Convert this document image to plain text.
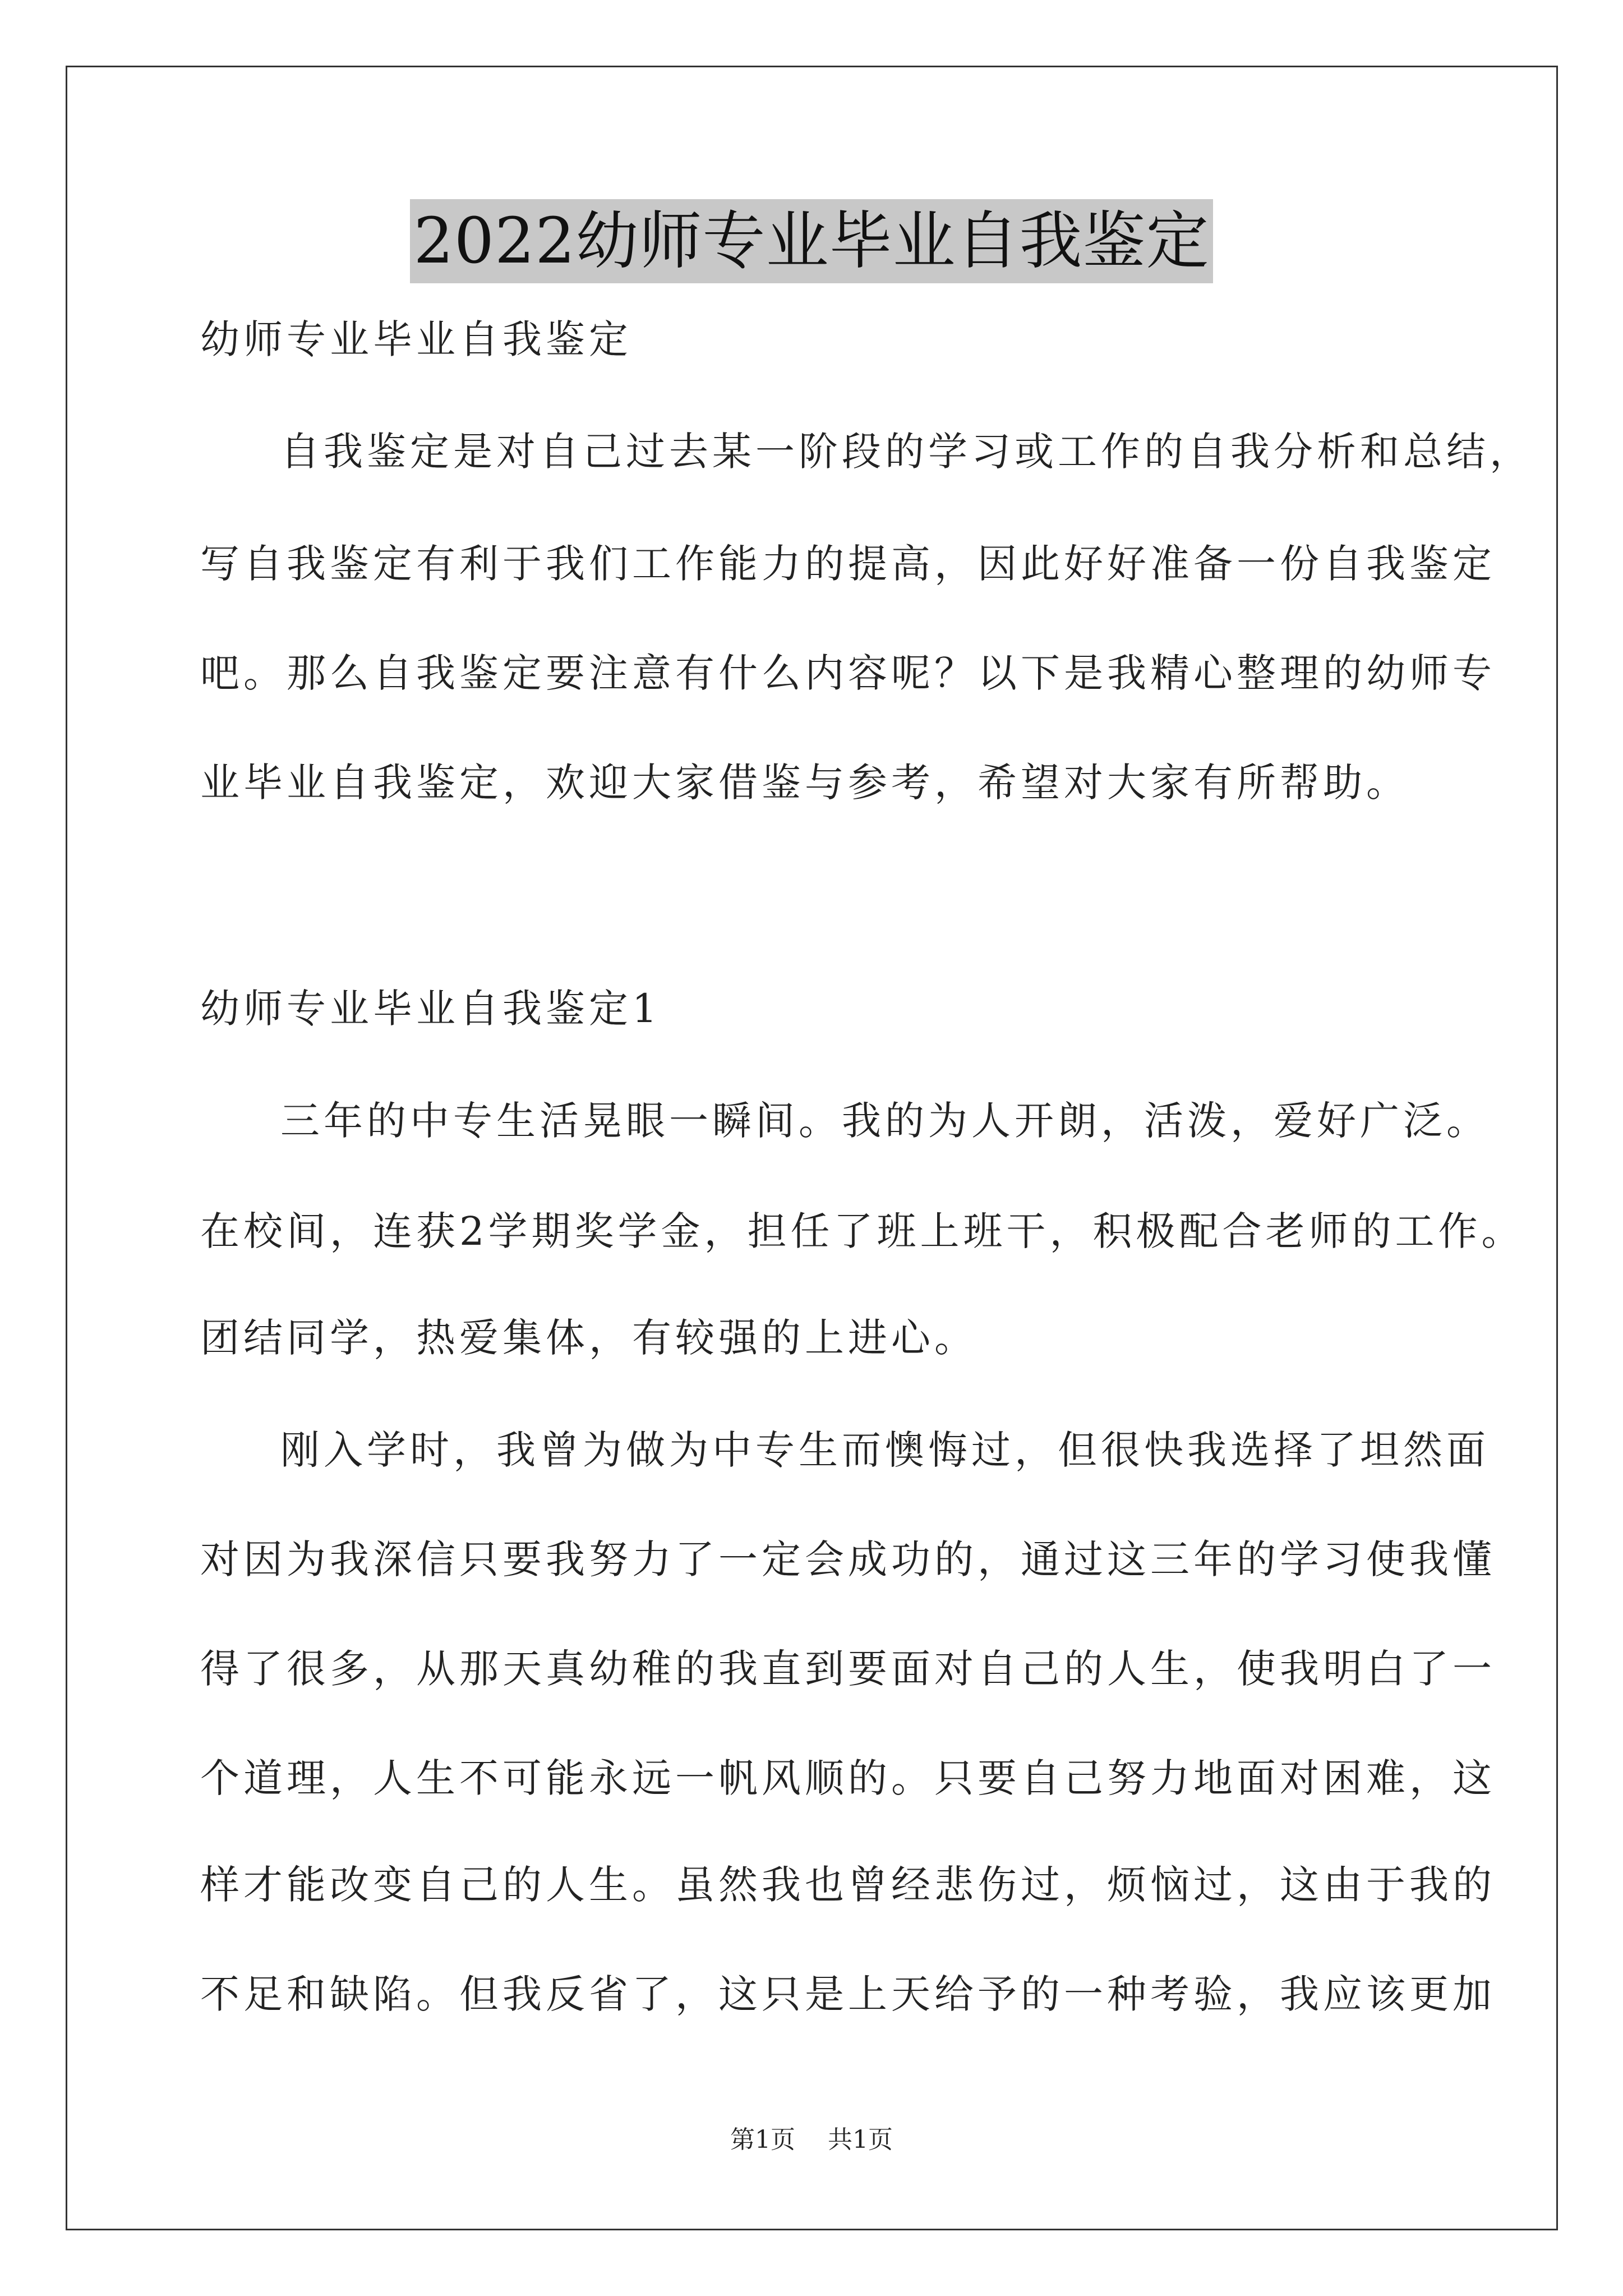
2022幼师专业毕业自我鉴定
幼师专业毕业自我鉴定
自我鉴定是对自己过去某一阶段的学习或工作的自我分析和总结，
写自我鉴定有利于我们工作能力的提高，因此好好准备一份自我鉴定
吧。那么自我鉴定要注意有什么内容呢？以下是我精心整理的幼师专
业毕业自我鉴定，欢迎大家借鉴与参考，希望对大家有所帮助。
幼师专业毕业自我鉴定1
三年的中专生活晃眼一瞬间。我的为人开朗，活泼，爱好广泛。
在校间，连获2学期奖学金，担任了班上班干，积极配合老师的工作。
团结同学，热爱集体，有较强的上进心。
刚入学时，我曾为做为中专生而懊悔过，但很快我选择了坦然面
对因为我深信只要我努力了一定会成功的，通过这三年的学习使我懂
得了很多，从那天真幼稚的我直到要面对自己的人生，使我明白了一
个道理，人生不可能永远一帆风顺的。只要自己努力地面对困难，这
样才能改变自己的人生。虽然我也曾经悲伤过，烦恼过，这由于我的
不足和缺陷。但我反省了，这只是上天给予的一种考验，我应该更加
第1页 共1页
